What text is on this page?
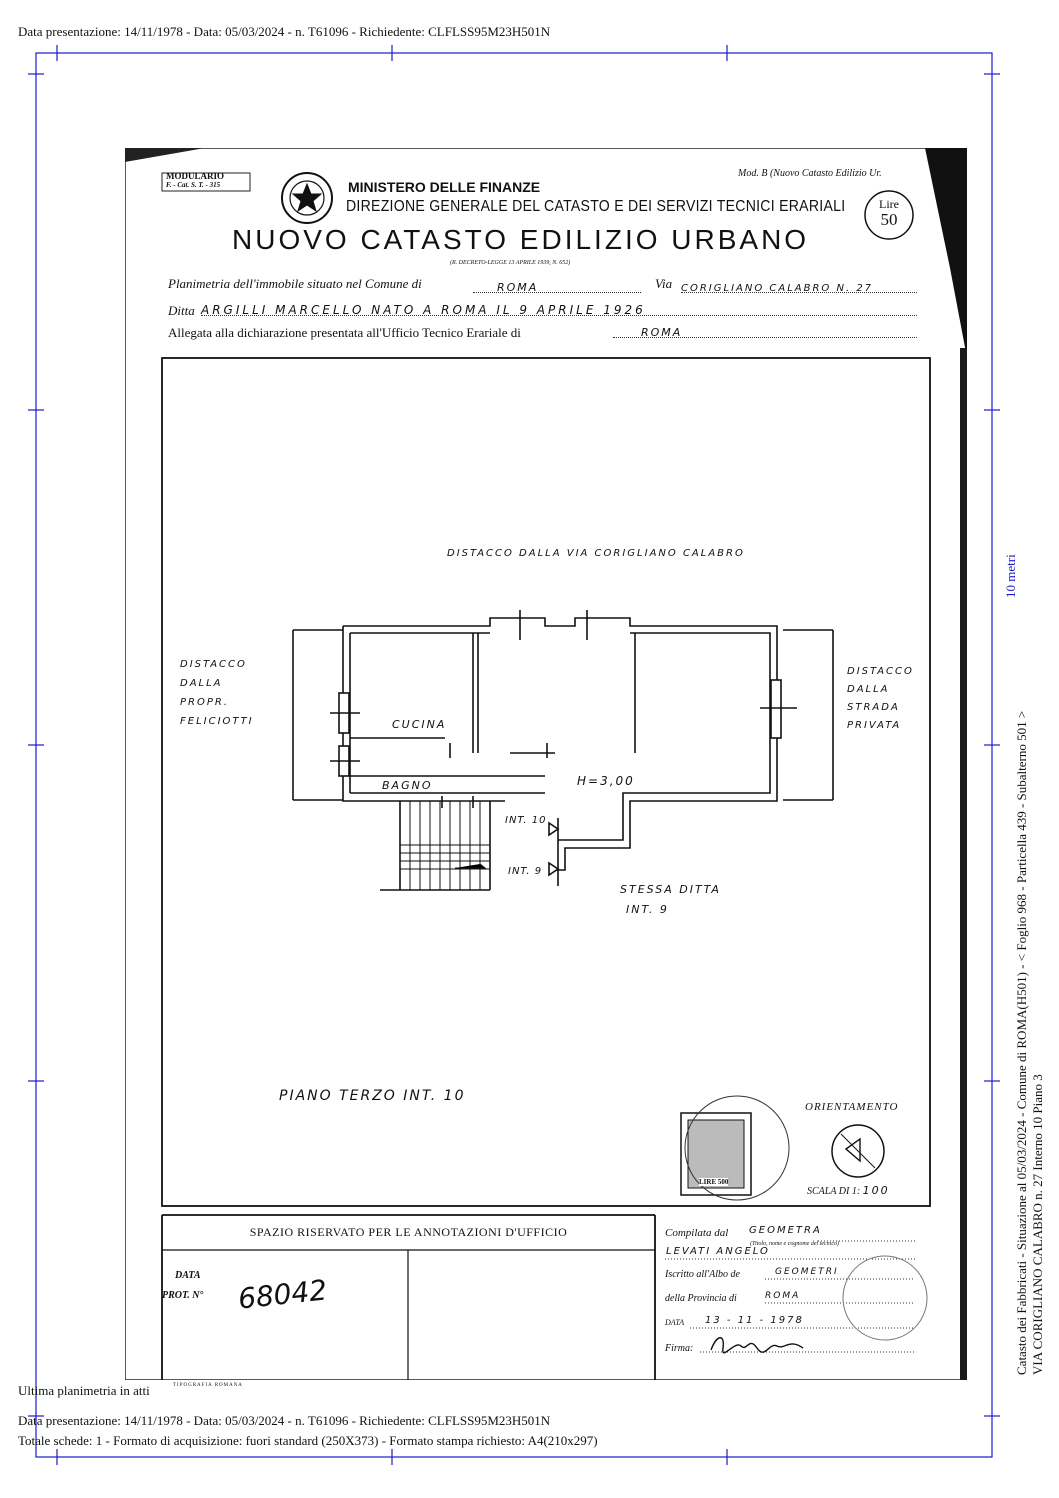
Data presentazione: 14/11/1978 - Data: 05/03/2024 - n. T61096 - Richiedente: CLFLSS95M23H501N
Ultima planimetria in atti
Data presentazione: 14/11/1978 - Data: 05/03/2024 - n. T61096 - Richiedente: CLFLSS95M23H501N
Totale schede: 1 - Formato di acquisizione: fuori standard (250X373) - Formato stampa richiesto: A4(210x297)
10 metri
Catasto dei Fabbricati - Situazione al 05/03/2024 - Comune di ROMA(H501) - < Foglio 968 - Particella 439 - Subalterno 501 > VIA CORIGLIANO CALABRO n. 27 Interno 10 Piano 3
MODULARIO
F. - Cat. S. T. - 315
Mod. B (Nuovo Catasto Edilizio Ur.
Lire
50
MINISTERO DELLE FINANZE
DIREZIONE GENERALE DEL CATASTO E DEI SERVIZI TECNICI ERARIALI
NUOVO CATASTO EDILIZIO URBANO
(R. DECRETO-LEGGE 13 APRILE 1939, N. 652)
Planimetria dell'immobile situato nel Comune di	ROMA	Via CORIGLIANO CALABRO N. 27
Ditta ARGILLI MARCELLO NATO A ROMA IL 9 APRILE 1926
Allegata alla dichiarazione presentata all'Ufficio Tecnico Erariale di	ROMA
DISTACCO DALLA VIA CORIGLIANO CALABRO
DISTACCO
DALLA
PROPR.
FELICIOTTI
DISTACCO
DALLA
STRADA
PRIVATA
CUCINA
BAGNO	H=3,00
INT. 10
INT. 9
STESSA DITTA
INT. 9
PIANO TERZO INT. 10
ORIENTAMENTO
LIRE 500
SCALA DI 1: 100
SPAZIO RISERVATO PER LE ANNOTAZIONI D'UFFICIO
DATA
PROT. N° 68042
Compilata dal GEOMETRA
(Titolo, nome e cognome del tecnico)
LEVATI ANGELO
Iscritto all'Albo de	GEOMETRI
della Provincia di	ROMA
DATA 13 - 11 - 1978
Firma:
TIPOGRAFIA ROMANA
